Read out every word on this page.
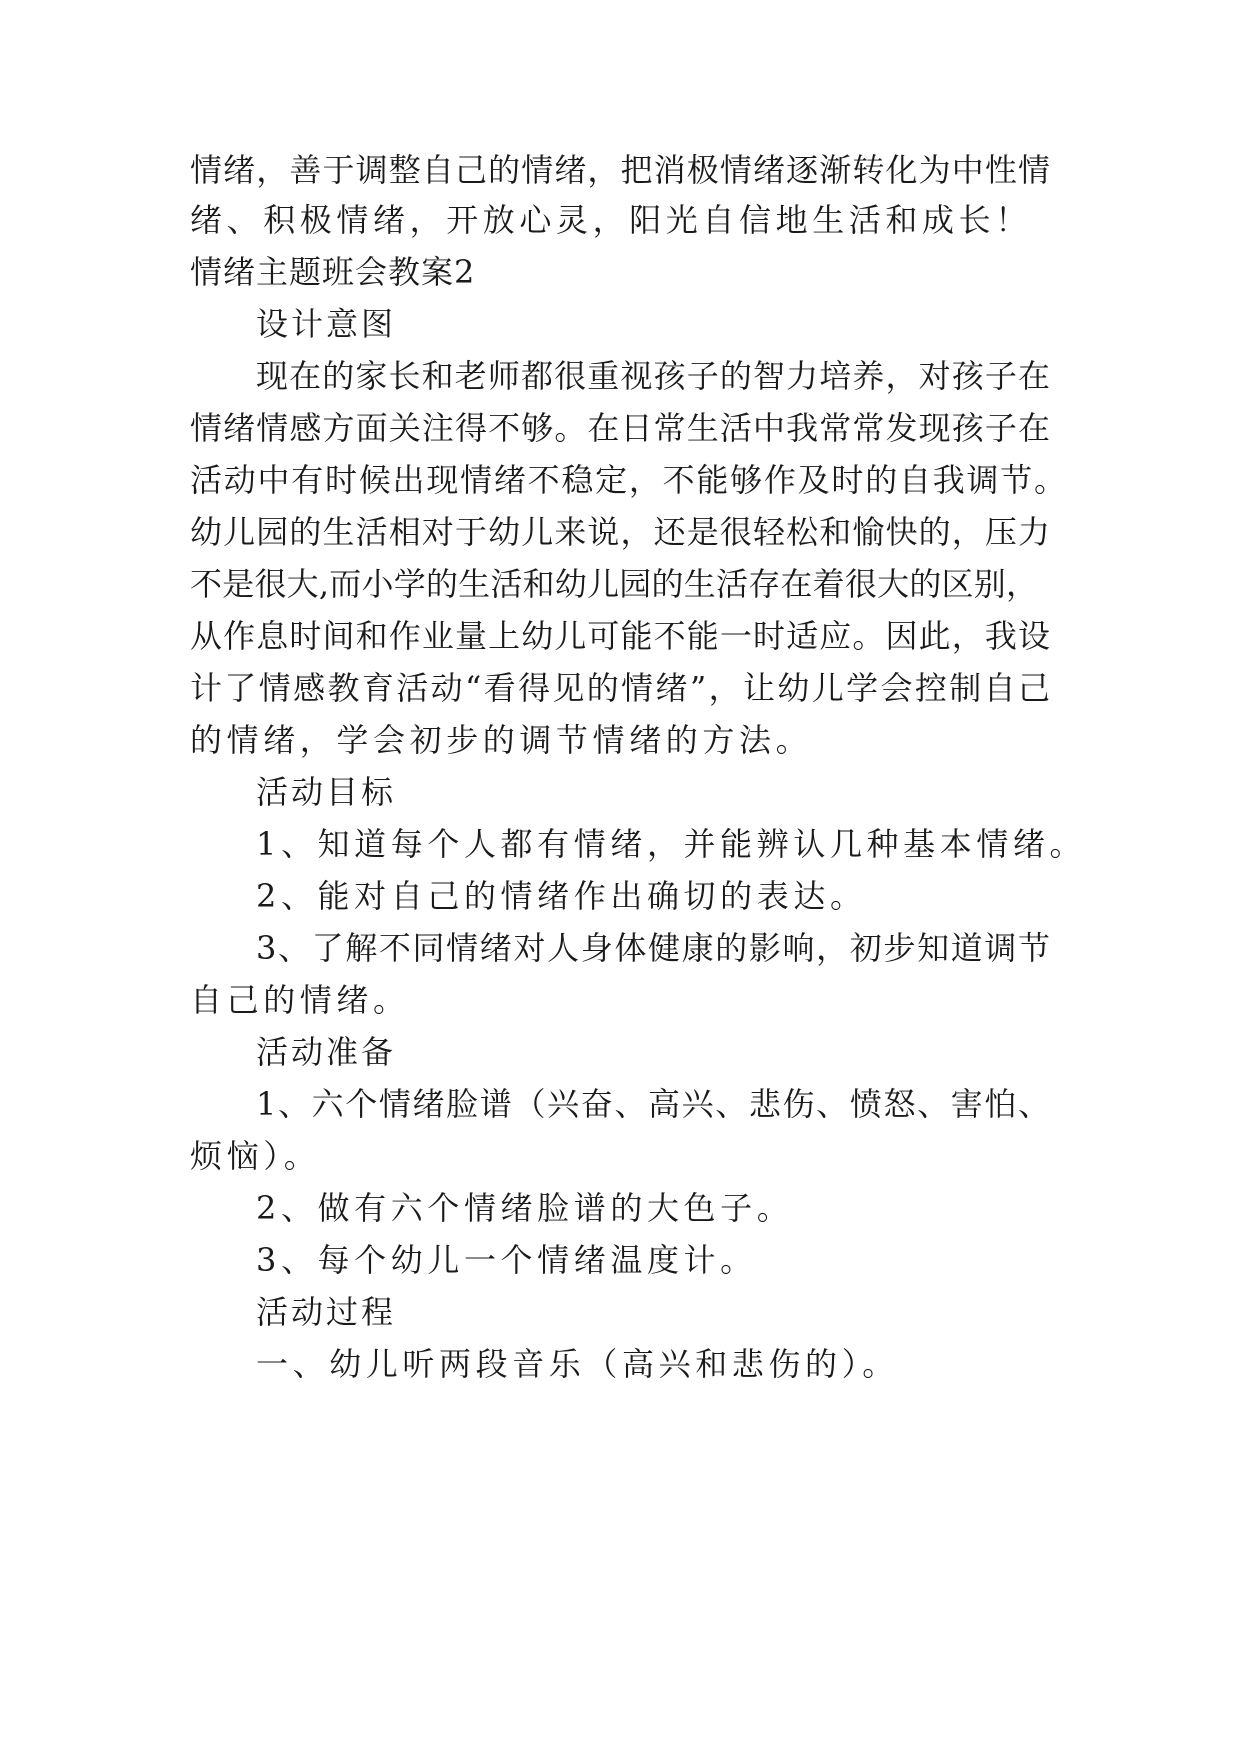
情绪，善于调整自己的情绪，把消极情绪逐渐转化为中性情
绪、积极情绪，开放心灵，阳光自信地生活和成长！
情绪主题班会教案2
设计意图
现在的家长和老师都很重视孩子的智力培养，对孩子在
情绪情感方面关注得不够。在日常生活中我常常发现孩子在
活动中有时候出现情绪不稳定，不能够作及时的自我调节。
幼儿园的生活相对于幼儿来说，还是很轻松和愉快的，压力
不是很大,而小学的生活和幼儿园的生活存在着很大的区别，
从作息时间和作业量上幼儿可能不能一时适应。因此，我设
计了情感教育活动“看得见的情绪”，让幼儿学会控制自己
的情绪，学会初步的调节情绪的方法。
活动目标
1、知道每个人都有情绪，并能辨认几种基本情绪。
2、能对自己的情绪作出确切的表达。
3、了解不同情绪对人身体健康的影响，初步知道调节
自己的情绪。
活动准备
1、六个情绪脸谱（兴奋、高兴、悲伤、愤怒、害怕、
烦恼）。
2、做有六个情绪脸谱的大色子。
3、每个幼儿一个情绪温度计。
活动过程
一、幼儿听两段音乐（高兴和悲伤的）。
